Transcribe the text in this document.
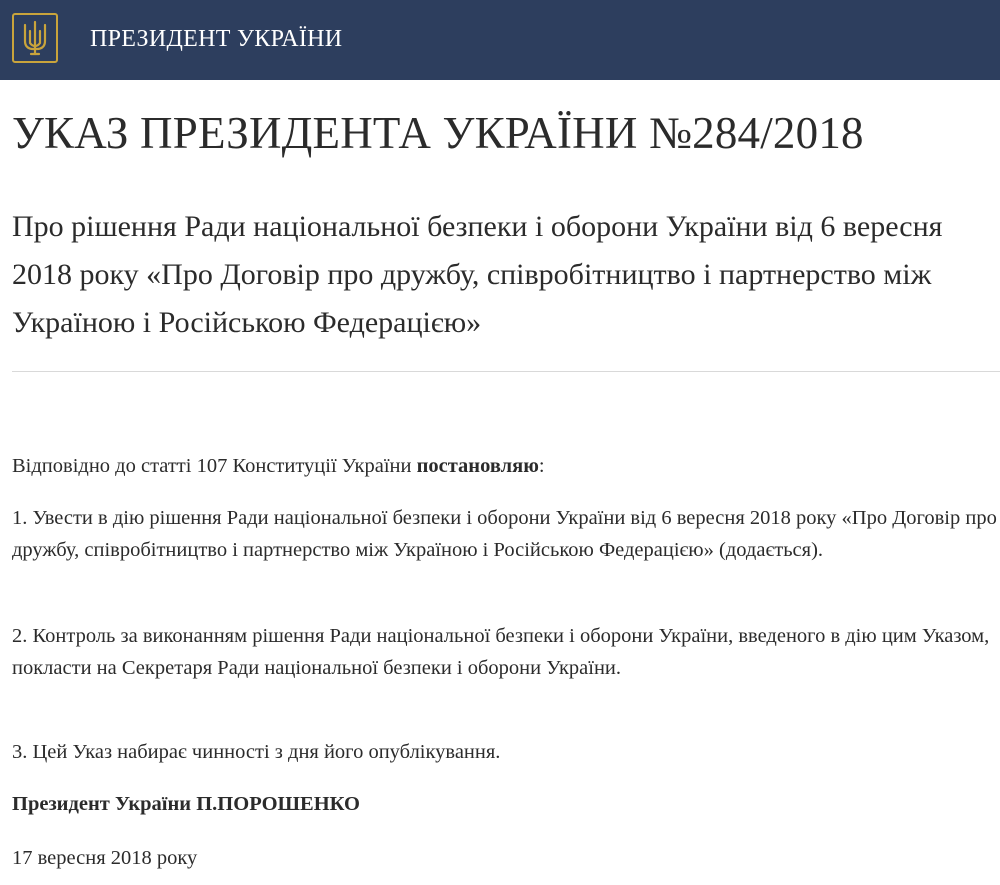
ПРЕЗИДЕНТ УКРАЇНИ
УКАЗ ПРЕЗИДЕНТА УКРАЇНИ №284/2018
Про рішення Ради національної безпеки і оборони України від 6 вересня 2018 року «Про Договір про дружбу, співробітництво і партнерство між Україною і Російською Федерацією»

Відповідно до статті 107 Конституції України постановляю:

1. Увести в дію рішення Ради національної безпеки і оборони України від 6 вересня 2018 року «Про Договір про дружбу, співробітництво і партнерство між Україною і Російською Федерацією» (додається).

2. Контроль за виконанням рішення Ради національної безпеки і оборони України, введеного в дію цим Указом, покласти на Секретаря Ради національної безпеки і оборони України.

3. Цей Указ набирає чинності з дня його опублікування.

Президент України П.ПОРОШЕНКО

17 вересня 2018 року
